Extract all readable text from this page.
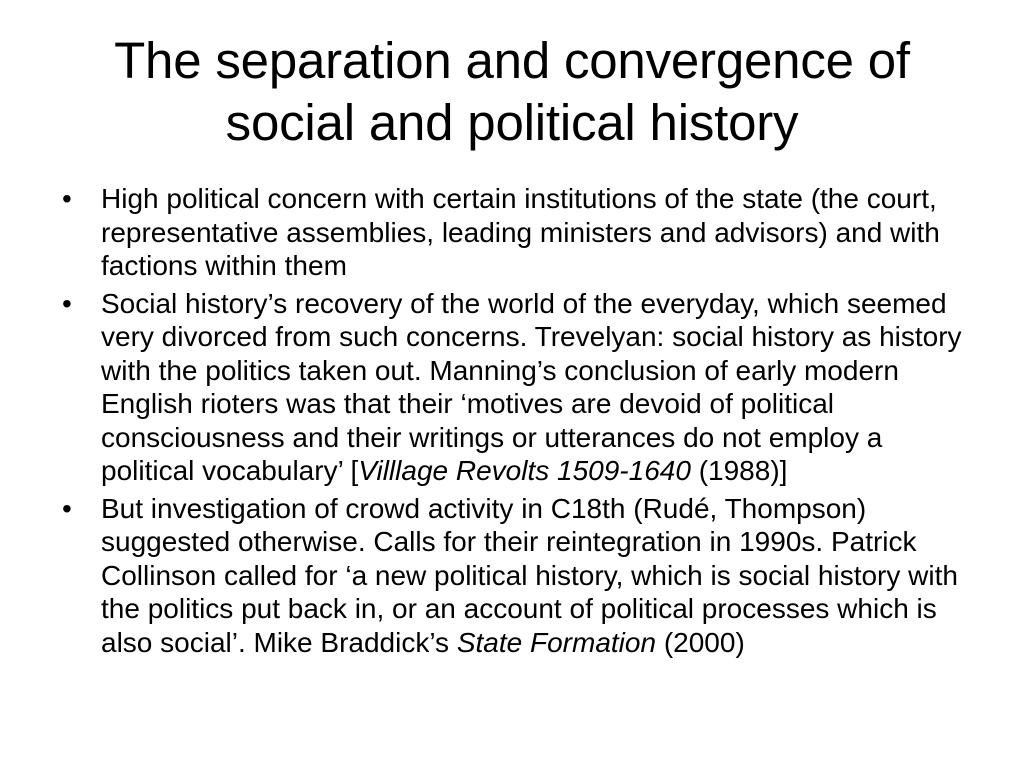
The separation and convergence of
social and political history
• High political concern with certain institutions of the state (the court, representative assemblies, leading ministers and advisors) and with factions within them
• Social history’s recovery of the world of the everyday, which seemed very divorced from such concerns. Trevelyan: social history as history with the politics taken out. Manning’s conclusion of early modern English rioters was that their ‘motives are devoid of political consciousness and their writings or utterances do not employ a political vocabulary’ [Villlage Revolts 1509-1640 (1988)]
• But investigation of crowd activity in C18th (Rudé, Thompson) suggested otherwise. Calls for their reintegration in 1990s. Patrick Collinson called for ‘a new political history, which is social history with the politics put back in, or an account of political processes which is also social’. Mike Braddick’s State Formation (2000)
